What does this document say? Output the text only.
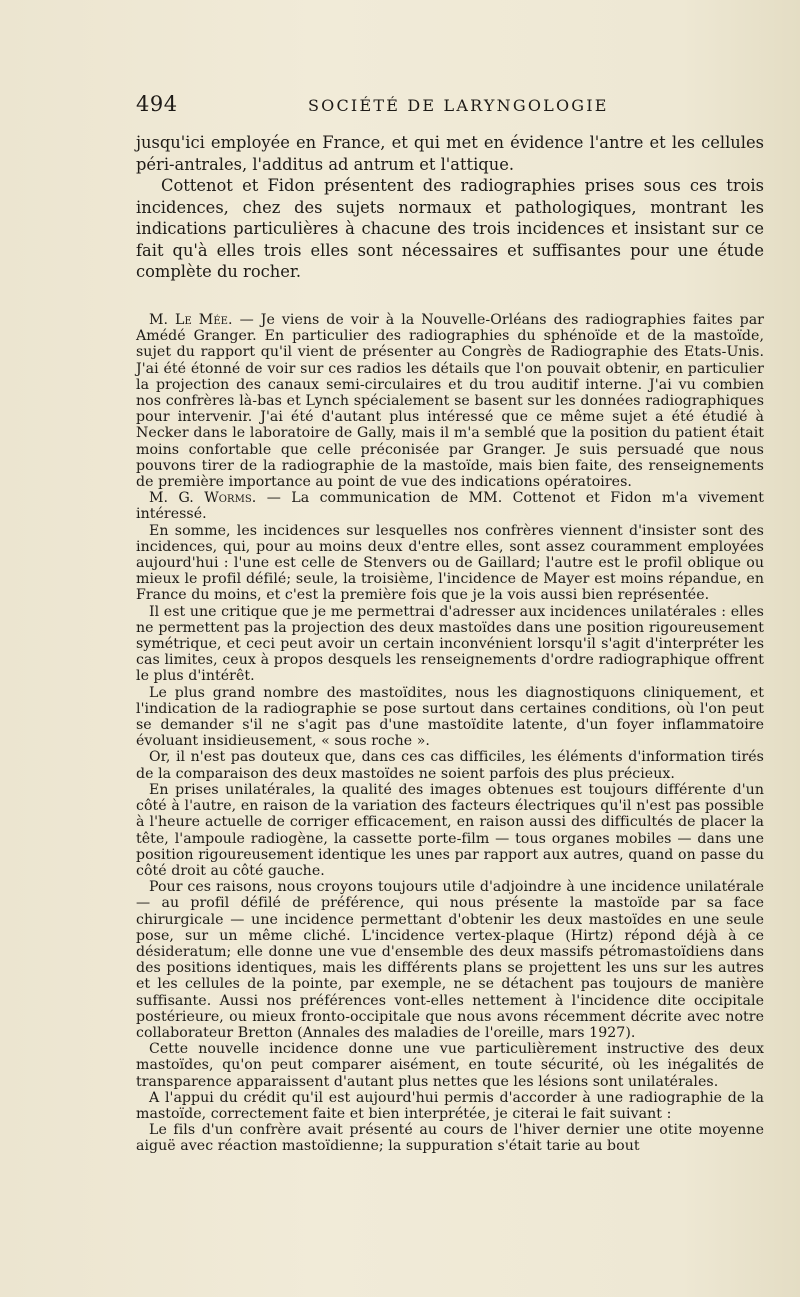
494	SOCIÉTÉ DE LARYNGOLOGIE

jusqu'ici employée en France, et qui met en évidence l'antre et les cellules péri-antrales, l'additus ad antrum et l'attique.

Cottenot et Fidon présentent des radiographies prises sous ces trois incidences, chez des sujets normaux et pathologiques, montrant les indications particulières à chacune des trois incidences et insistant sur ce fait qu'à elles trois elles sont nécessaires et suffisantes pour une étude complète du rocher.

M. Le Mée. — Je viens de voir à la Nouvelle-Orléans des radiographies faites par Amédé Granger. En particulier des radiographies du sphénoïde et de la mastoïde, sujet du rapport qu'il vient de présenter au Congrès de Radiographie des Etats-Unis. J'ai été étonné de voir sur ces radios les détails que l'on pouvait obtenir, en particulier la projection des canaux semi-circulaires et du trou auditif interne. J'ai vu combien nos confrères là-bas et Lynch spécialement se basent sur les données radiographiques pour intervenir. J'ai été d'autant plus intéressé que ce même sujet a été étudié à Necker dans le laboratoire de Gally, mais il m'a semblé que la position du patient était moins confortable que celle préconisée par Granger. Je suis persuadé que nous pouvons tirer de la radiographie de la mastoïde, mais bien faite, des renseignements de première importance au point de vue des indications opératoires.

M. G. Worms. — La communication de MM. Cottenot et Fidon m'a vivement intéressé.

En somme, les incidences sur lesquelles nos confrères viennent d'insister sont des incidences, qui, pour au moins deux d'entre elles, sont assez couramment employées aujourd'hui : l'une est celle de Stenvers ou de Gaillard; l'autre est le profil oblique ou mieux le profil défilé; seule, la troisième, l'incidence de Mayer est moins répandue, en France du moins, et c'est la première fois que je la vois aussi bien représentée.

Il est une critique que je me permettrai d'adresser aux incidences unilatérales : elles ne permettent pas la projection des deux mastoïdes dans une position rigoureusement symétrique, et ceci peut avoir un certain inconvénient lorsqu'il s'agit d'interpréter les cas limites, ceux à propos desquels les renseignements d'ordre radiographique offrent le plus d'intérêt.

Le plus grand nombre des mastoïdites, nous les diagnostiquons cliniquement, et l'indication de la radiographie se pose surtout dans certaines conditions, où l'on peut se demander s'il ne s'agit pas d'une mastoïdite latente, d'un foyer inflammatoire évoluant insidieusement, « sous roche ».

Or, il n'est pas douteux que, dans ces cas difficiles, les éléments d'information tirés de la comparaison des deux mastoïdes ne soient parfois des plus précieux.

En prises unilatérales, la qualité des images obtenues est toujours différente d'un côté à l'autre, en raison de la variation des facteurs électriques qu'il n'est pas possible à l'heure actuelle de corriger efficacement, en raison aussi des difficultés de placer la tête, l'ampoule radiogène, la cassette porte-film — tous organes mobiles — dans une position rigoureusement identique les unes par rapport aux autres, quand on passe du côté droit au côté gauche.

Pour ces raisons, nous croyons toujours utile d'adjoindre à une incidence unilatérale — au profil défilé de préférence, qui nous présente la mastoïde par sa face chirurgicale — une incidence permettant d'obtenir les deux mastoïdes en une seule pose, sur un même cliché. L'incidence vertex-plaque (Hirtz) répond déjà à ce désideratum; elle donne une vue d'ensemble des deux massifs pétromastoïdiens dans des positions identiques, mais les différents plans se projettent les uns sur les autres et les cellules de la pointe, par exemple, ne se détachent pas toujours de manière suffisante. Aussi nos préférences vont-elles nettement à l'incidence dite occipitale postérieure, ou mieux fronto-occipitale que nous avons récemment décrite avec notre collaborateur Bretton (Annales des maladies de l'oreille, mars 1927).

Cette nouvelle incidence donne une vue particulièrement instructive des deux mastoïdes, qu'on peut comparer aisément, en toute sécurité, où les inégalités de transparence apparaissent d'autant plus nettes que les lésions sont unilatérales.

A l'appui du crédit qu'il est aujourd'hui permis d'accorder à une radiographie de la mastoïde, correctement faite et bien interprétée, je citerai le fait suivant :

Le fils d'un confrère avait présenté au cours de l'hiver dernier une otite moyenne aiguë avec réaction mastoïdienne; la suppuration s'était tarie au bout
